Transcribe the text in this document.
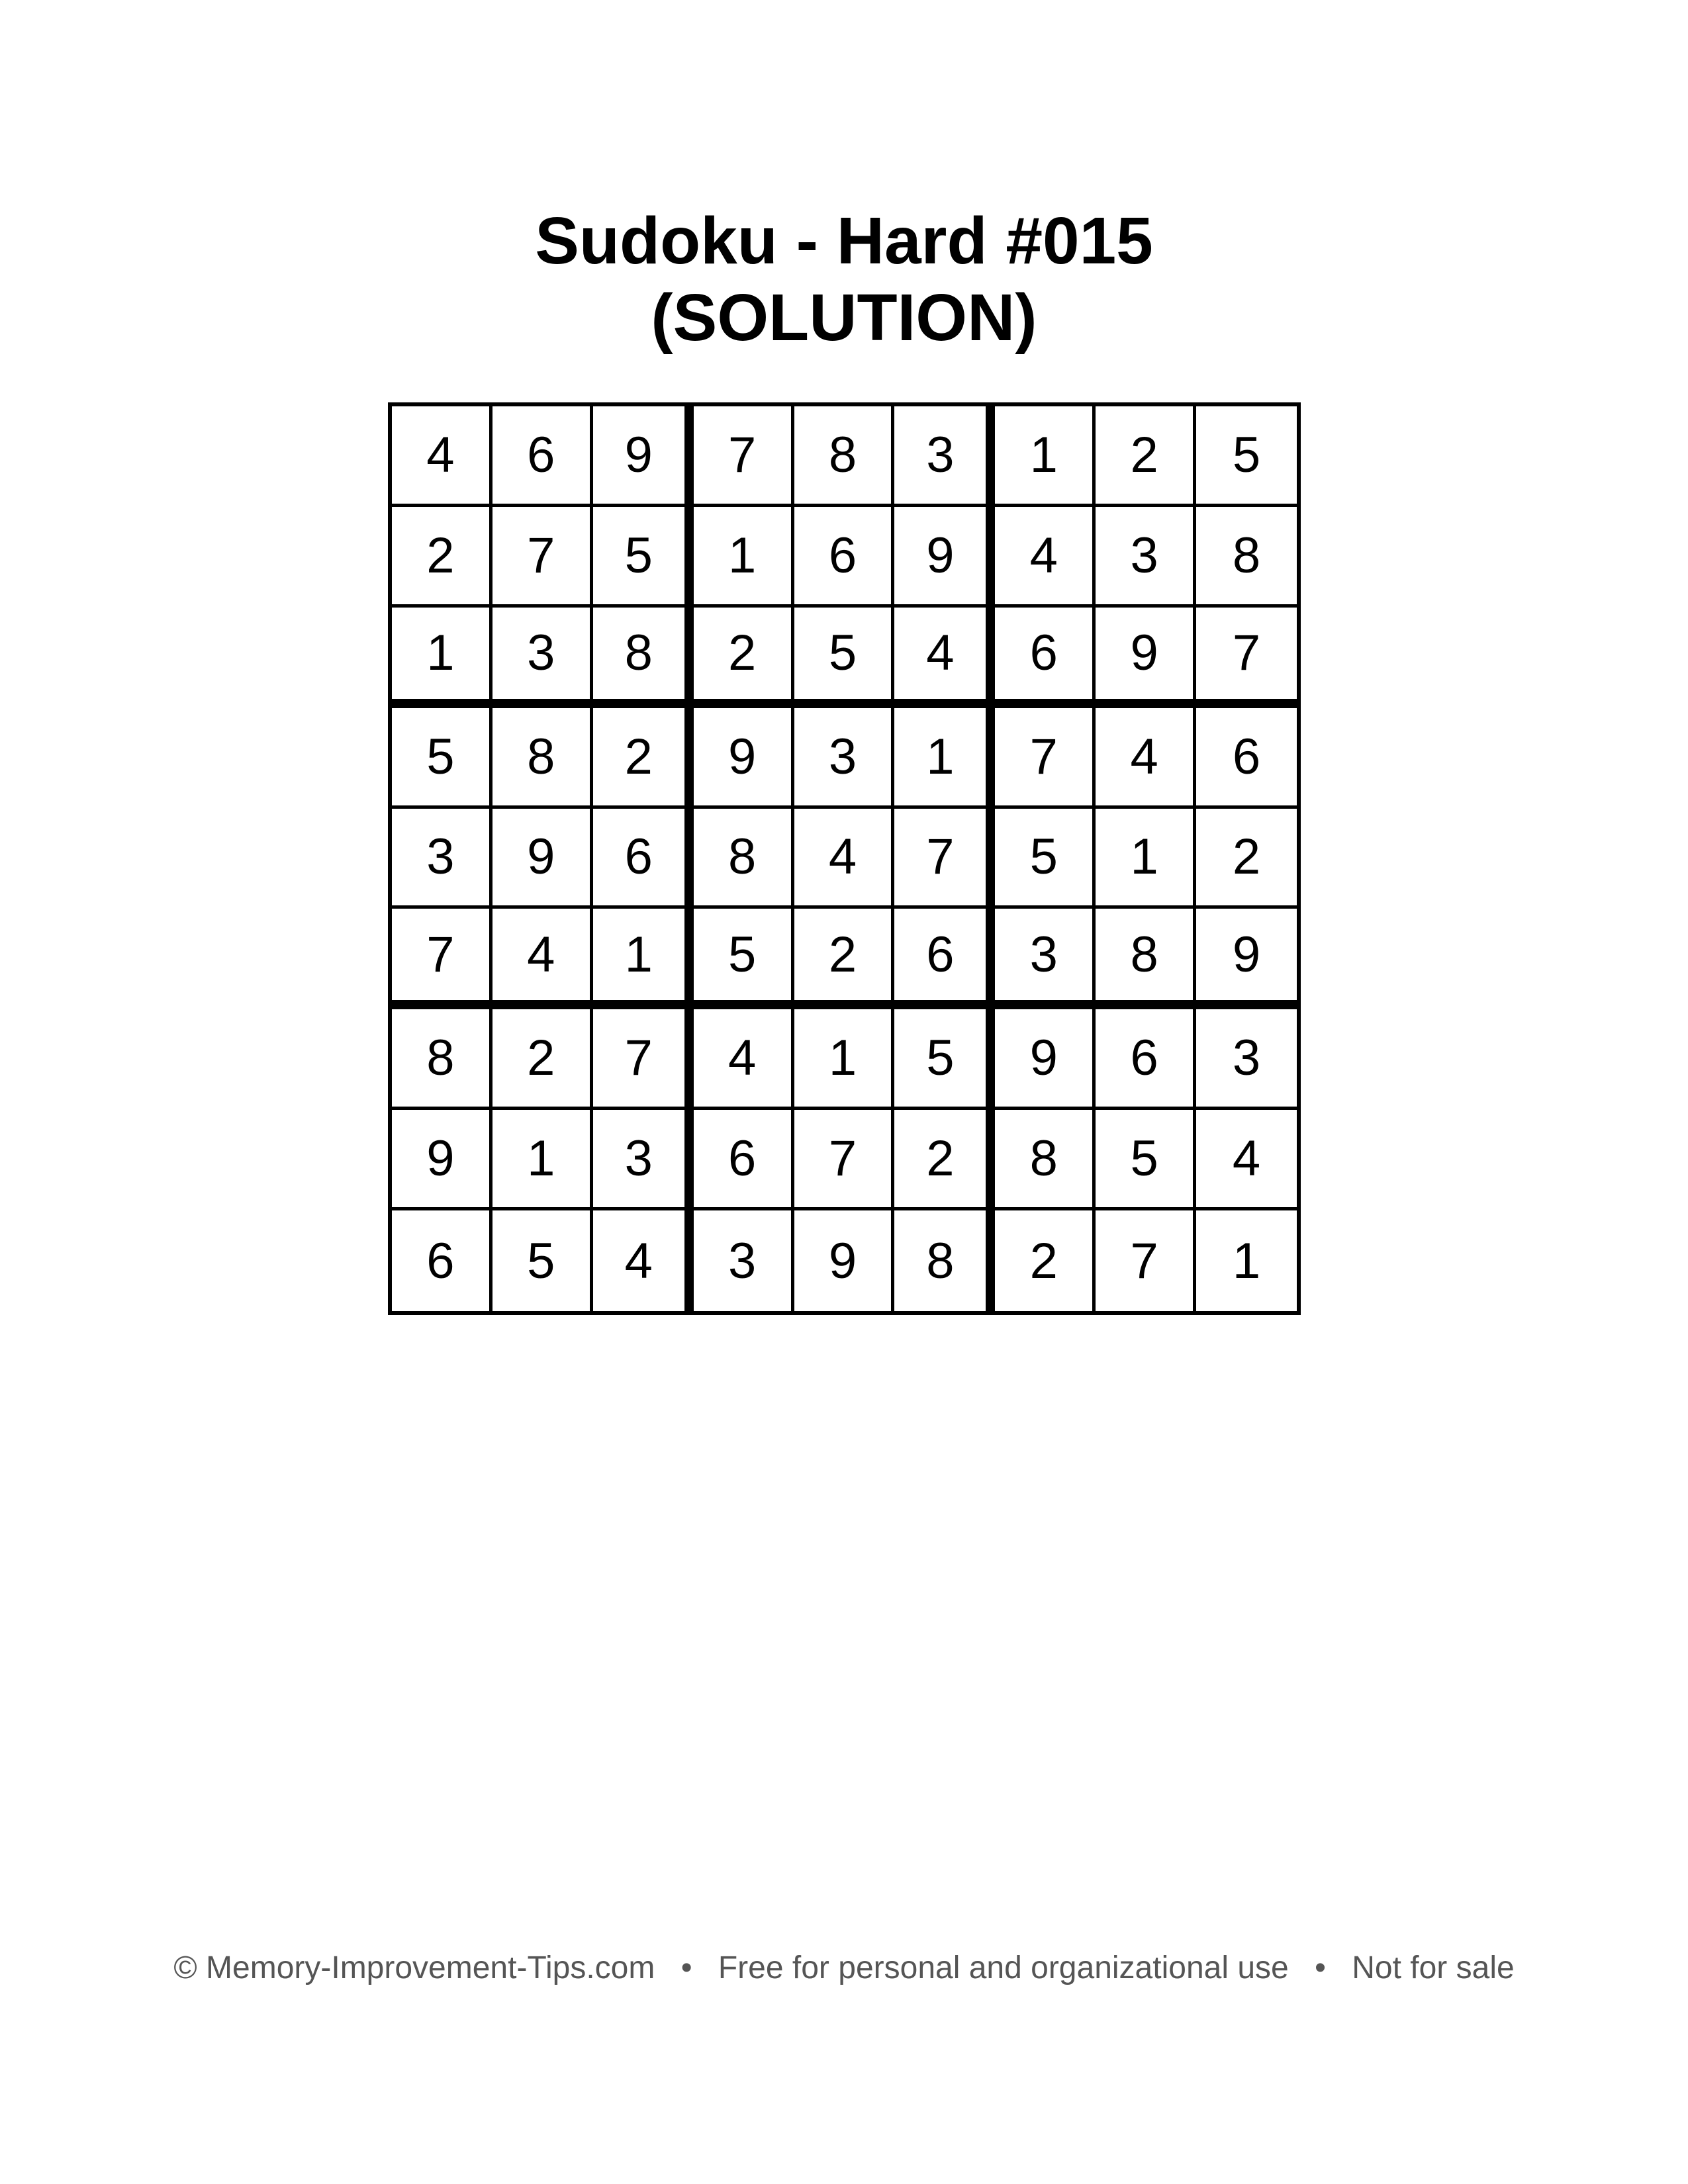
Sudoku - Hard #015
(SOLUTION)
4	6	9	7	8	3	1	2	5
2	7	5	1	6	9	4	3	8
1	3	8	2	5	4	6	9	7
5	8	2	9	3	1	7	4	6
3	9	6	8	4	7	5	1	2
7	4	1	5	2	6	3	8	9
8	2	7	4	1	5	9	6	3
9	1	3	6	7	2	8	5	4
6	5	4	3	9	8	2	7	1
© Memory-Improvement-Tips.com • Free for personal and organizational use • Not for sale
